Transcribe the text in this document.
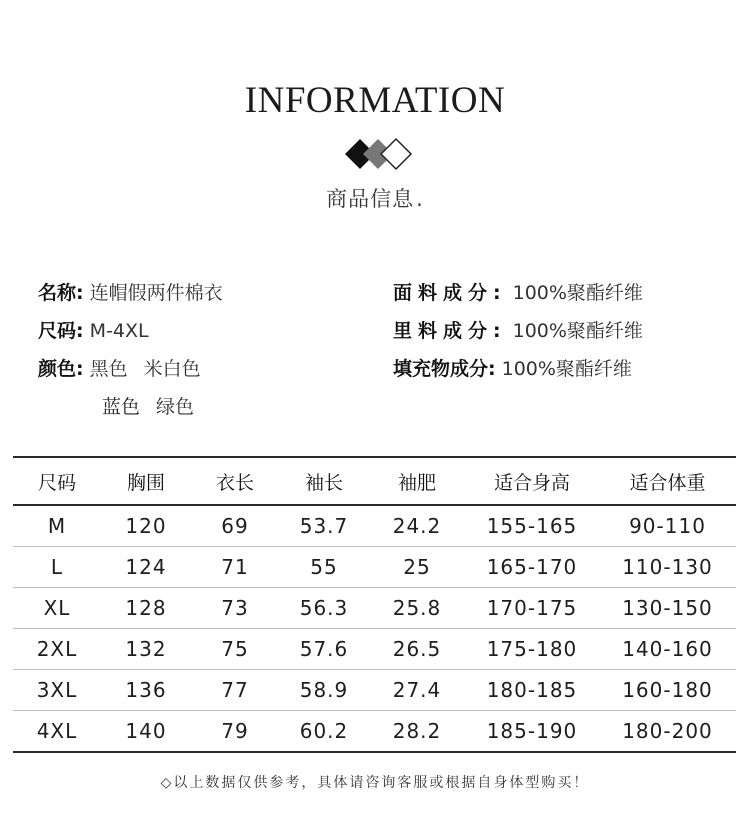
INFORMATION
商品信息.
名称: 连帽假两件棉衣
尺码: M-4XL
颜色: 黑色 米白色
蓝色 绿色
面料成分: 100%聚酯纤维
里料成分: 100%聚酯纤维
填充物成分: 100%聚酯纤维
尺码	胸围	衣长	袖长	袖肥	适合身高	适合体重
M	120	69	53.7	24.2	155-165	90-110
L	124	71	55	25	165-170	110-130
XL	128	73	56.3	25.8	170-175	130-150
2XL	132	75	57.6	26.5	175-180	140-160
3XL	136	77	58.9	27.4	180-185	160-180
4XL	140	79	60.2	28.2	185-190	180-200
◇以上数据仅供参考，具体请咨询客服或根据自身体型购买！
